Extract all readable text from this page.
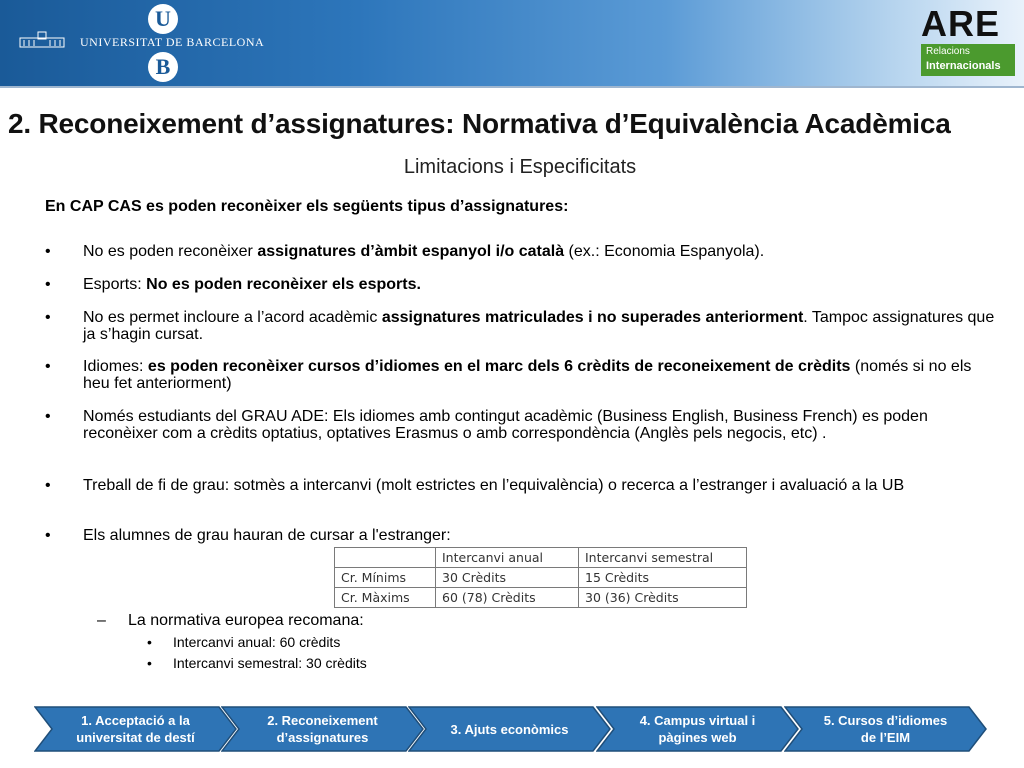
UNIVERSITAT DE BARCELONA
U
B
ARE
Relacions
Internacionals
2. Reconeixement d’assignatures: Normativa d’Equivalència Acadèmica
Limitacions i Especificitats
En CAP CAS es poden reconèixer els següents tipus d’assignatures:
• No es poden reconèixer assignatures d’àmbit espanyol i/o català (ex.: Economia Espanyola).
• Esports: No es poden reconèixer els esports.
• No es permet incloure a l’acord acadèmic assignatures matriculades i no superades anteriorment. Tampoc assignatures que ja s’hagin cursat.
• Idiomes: es poden reconèixer cursos d’idiomes en el marc dels 6 crèdits de reconeixement de crèdits (només si no els heu fet anteriorment)
• Només estudiants del GRAU ADE: Els idiomes amb contingut acadèmic (Business English, Business French) es poden reconèixer com a crèdits optatius, optatives Erasmus o amb correspondència (Anglès pels negocis, etc) .
• Treball de fi de grau: sotmès a intercanvi (molt estrictes en l’equivalència) o recerca a l’estranger i avaluació a la UB
• Els alumnes de grau hauran de cursar a l'estranger:
	Intercanvi anual	Intercanvi semestral
Cr. Mínims	30 Crèdits	15 Crèdits
Cr. Màxims	60 (78) Crèdits	30 (36) Crèdits
– La normativa europea recomana:
• Intercanvi anual: 60 crèdits
• Intercanvi semestral: 30 crèdits
1. Acceptació a la
universitat de destí
2. Reconeixement
d’assignatures
3. Ajuts econòmics
4. Campus virtual i
pàgines web
5. Cursos d’idiomes
de l’EIM
